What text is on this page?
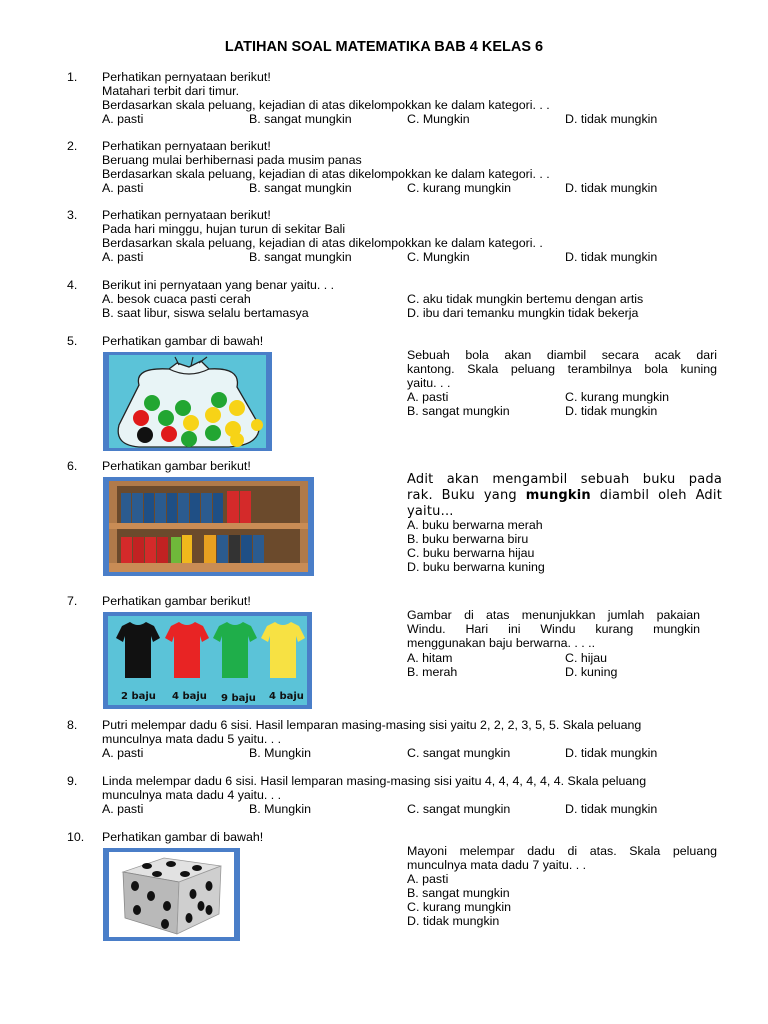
LATIHAN SOAL MATEMATIKA BAB 4 KELAS 6
1. Perhatikan pernyataan berikut!
Matahari terbit dari timur.
Berdasarkan skala peluang, kejadian di atas dikelompokkan ke dalam kategori. . .
A. pasti	B. sangat mungkin	C. Mungkin	D. tidak mungkin
2. Perhatikan pernyataan berikut!
Beruang mulai berhibernasi pada musim panas
Berdasarkan skala peluang, kejadian di atas dikelompokkan ke dalam kategori. . .
A. pasti	B. sangat mungkin	C. kurang mungkin	D. tidak mungkin
3. Perhatikan pernyataan berikut!
Pada hari minggu, hujan turun di sekitar Bali
Berdasarkan skala peluang, kejadian di atas dikelompokkan ke dalam kategori. .
A. pasti	B. sangat mungkin	C. Mungkin	D. tidak mungkin
4. Berikut ini pernyataan yang benar yaitu. . .
A. besok cuaca pasti cerah
B. saat libur, siswa selalu bertamasya
C. aku tidak mungkin bertemu dengan artis
D. ibu dari temanku mungkin tidak bekerja
5. Perhatikan gambar di bawah!
Sebuah bola akan diambil secara acak dari
kantong. Skala peluang terambilnya bola kuning
yaitu. . .
A. pasti
B. sangat mungkin
C. kurang mungkin
D. tidak mungkin
6. Perhatikan gambar berikut!
Adit akan mengambil sebuah buku pada
rak. Buku yang mungkin diambil oleh Adit
yaitu...
A. buku berwarna merah
B. buku berwarna biru
C. buku berwarna hijau
D. buku berwarna kuning
7. Perhatikan gambar berikut!
2 baju 4 baju 9 baju 4 baju
Gambar di atas menunjukkan jumlah pakaian
Windu. Hari ini Windu kurang mungkin
menggunakan baju berwarna. . . ..
A. hitam
B. merah
C. hijau
D. kuning
8. Putri melempar dadu 6 sisi. Hasil lemparan masing-masing sisi yaitu 2, 2, 2, 3, 5, 5. Skala peluang
munculnya mata dadu 5 yaitu. . .
A. pasti	B. Mungkin	C. sangat mungkin	D. tidak mungkin
9. Linda melempar dadu 6 sisi. Hasil lemparan masing-masing sisi yaitu 4, 4, 4, 4, 4, 4. Skala peluang
munculnya mata dadu 4 yaitu. . .
A. pasti	B. Mungkin	C. sangat mungkin	D. tidak mungkin
10. Perhatikan gambar di bawah!
Mayoni melempar dadu di atas. Skala peluang
munculnya mata dadu 7 yaitu. . .
A. pasti
B. sangat mungkin
C. kurang mungkin
D. tidak mungkin
